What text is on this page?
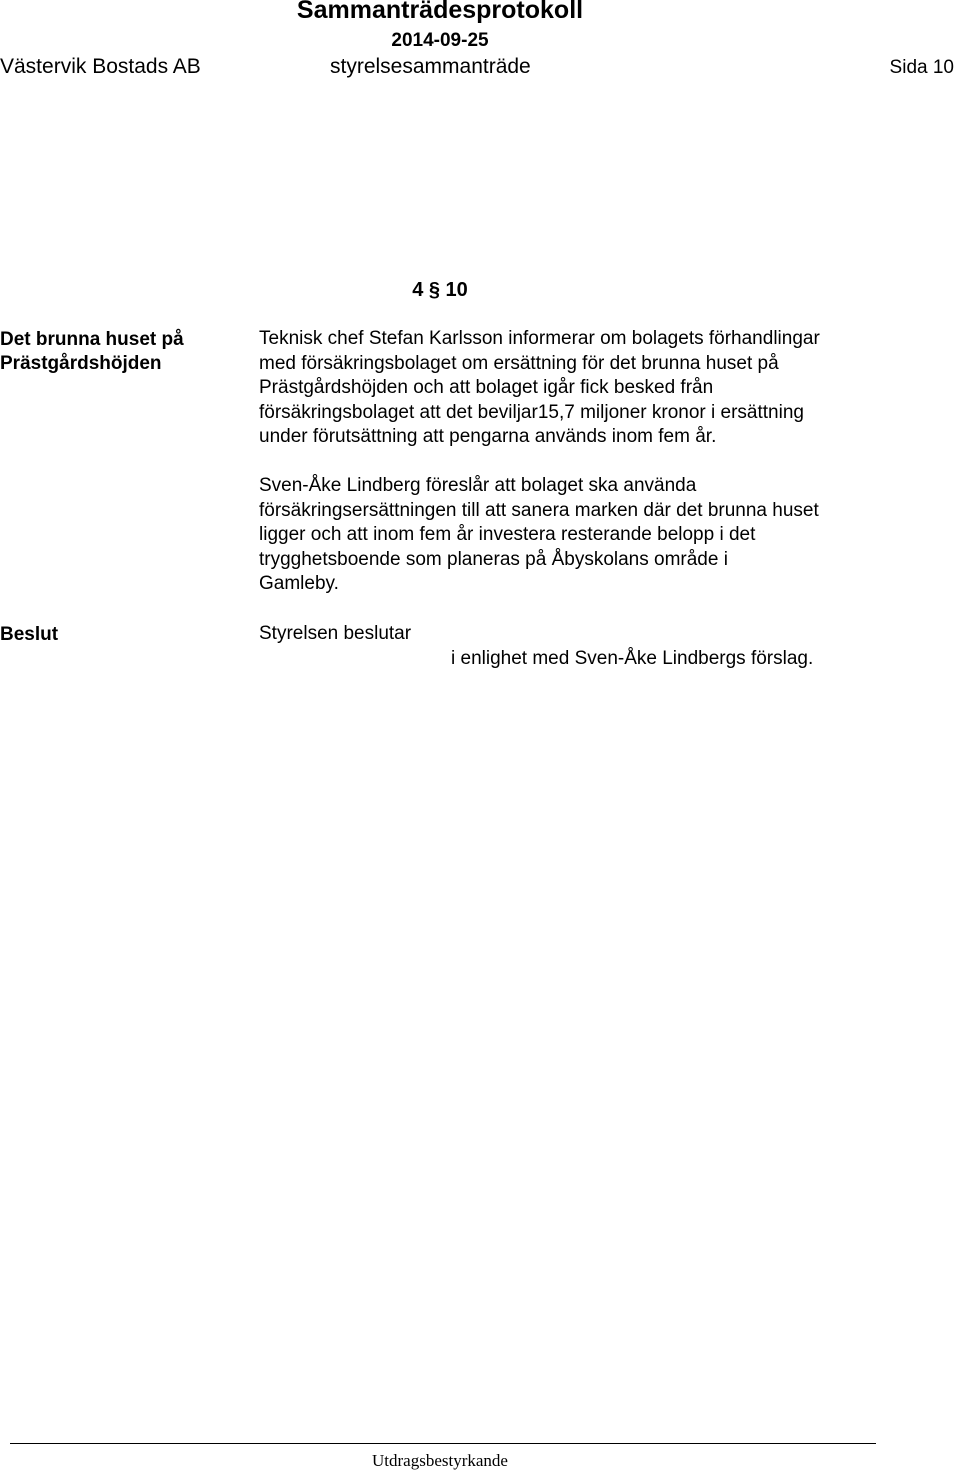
Sammanträdesprotokoll
2014-09-25
Västervik Bostads AB	styrelsesammanträde	Sida 10
4 § 10
Det brunna huset på
Prästgårdshöjden
Teknisk chef Stefan Karlsson informerar om bolagets förhandlingar
med försäkringsbolaget om ersättning för det brunna huset på
Prästgårdshöjden och att bolaget igår fick besked från
försäkringsbolaget att det beviljar15,7 miljoner kronor i ersättning
under förutsättning att pengarna används inom fem år.
Sven-Åke Lindberg föreslår att bolaget ska använda
försäkringsersättningen till att sanera marken där det brunna huset
ligger och att inom fem år investera resterande belopp i det
trygghetsboende som planeras på Åbyskolans område i
Gamleby.
Beslut	Styrelsen beslutar
i enlighet med Sven-Åke Lindbergs förslag.
Utdragsbestyrkande
